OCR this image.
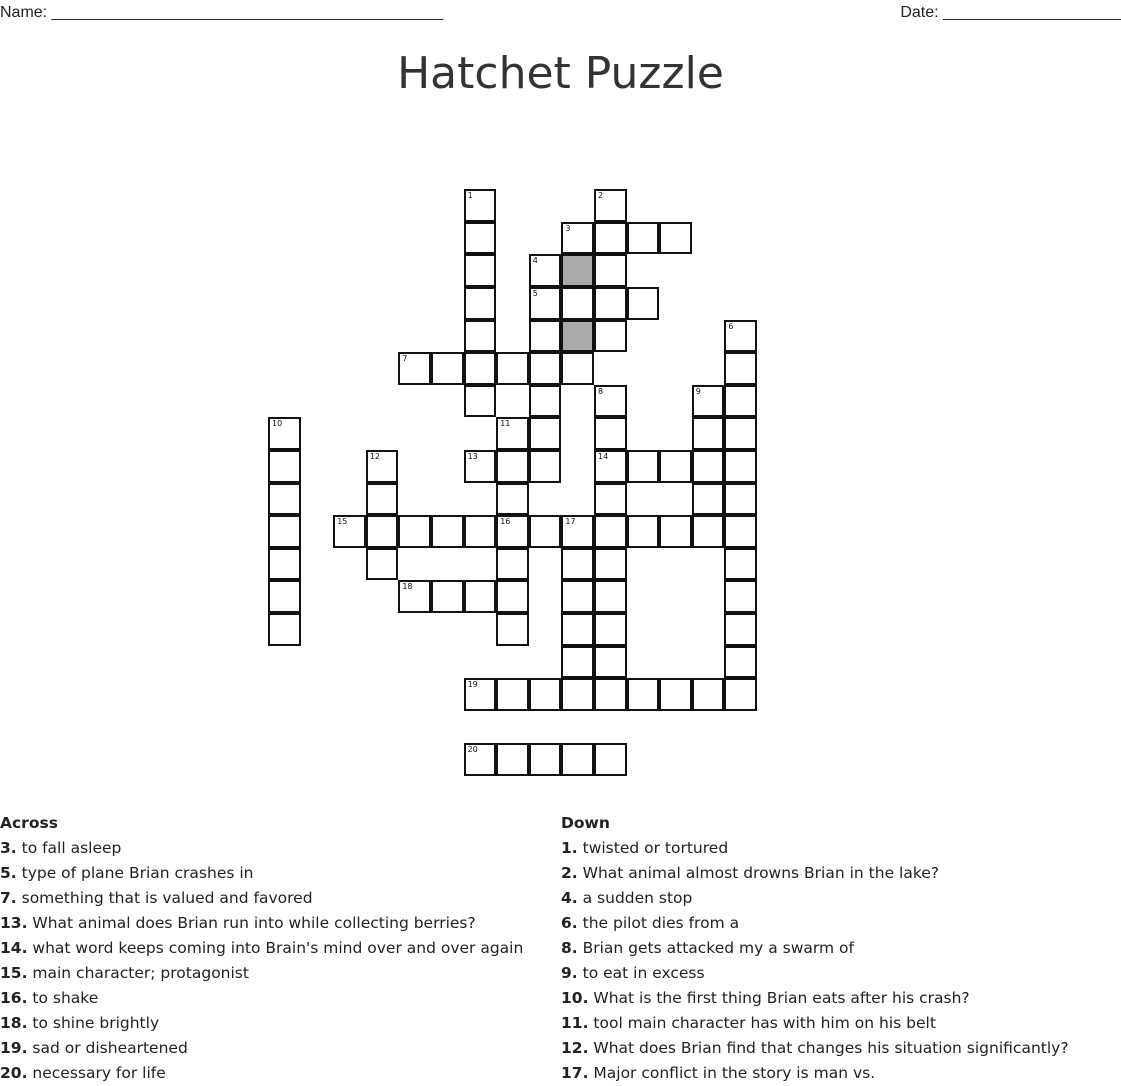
Name: ____________________________________________	Date: ____________________
Hatchet Puzzle
1	2
3
4
5
6
7
8	9
10	11
12	13	14
15	16	17
18
19
20
Across
3. to fall asleep
5. type of plane Brian crashes in
7. something that is valued and favored
13. What animal does Brian run into while collecting berries?
14. what word keeps coming into Brain's mind over and over again
15. main character; protagonist
16. to shake
18. to shine brightly
19. sad or disheartened
20. necessary for life
Down
1. twisted or tortured
2. What animal almost drowns Brian in the lake?
4. a sudden stop
6. the pilot dies from a
8. Brian gets attacked my a swarm of
9. to eat in excess
10. What is the first thing Brian eats after his crash?
11. tool main character has with him on his belt
12. What does Brian find that changes his situation significantly?
17. Major conflict in the story is man vs.
